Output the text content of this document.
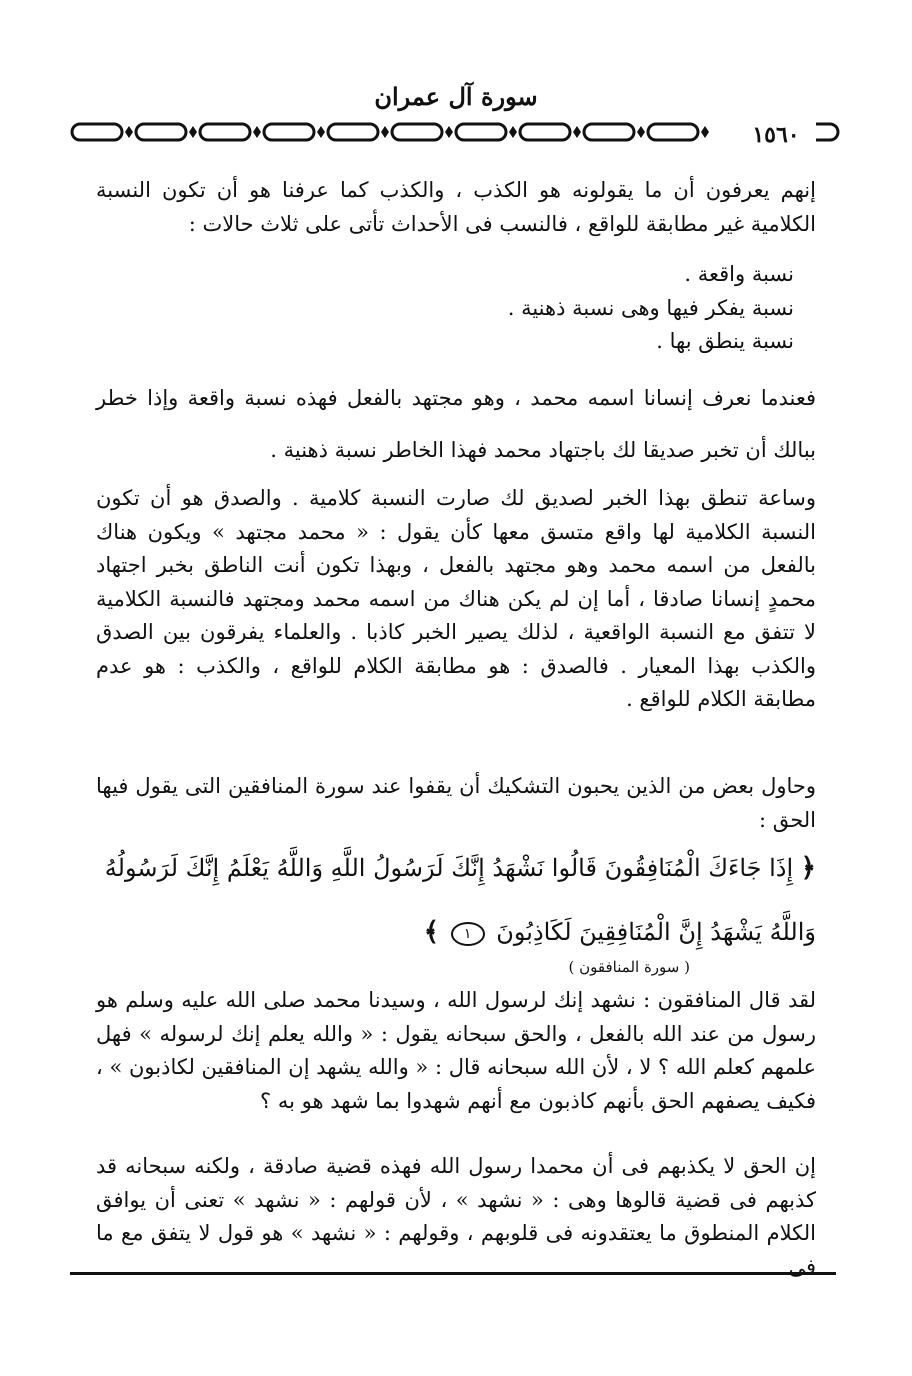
سورة آل عمران
١٥٦٠

إنهم يعرفون أن ما يقولونه هو الكذب ، والكذب كما عرفنا هو أن تكون النسبة الكلامية غير مطابقة للواقع ، فالنسب فى الأحداث تأتى على ثلاث حالات :

نسبة واقعة .

نسبة يفكر فيها وهى نسبة ذهنية .

نسبة ينطق بها .

فعندما نعرف إنسانا اسمه محمد ، وهو مجتهد بالفعل فهذه نسبة واقعة وإذا خطر ببالك أن تخبر صديقا لك باجتهاد محمد فهذا الخاطر نسبة ذهنية .

وساعة تنطق بهذا الخبر لصديق لك صارت النسبة كلامية . والصدق هو أن تكون النسبة الكلامية لها واقع متسق معها كأن يقول : « محمد مجتهد » ويكون هناك بالفعل من اسمه محمد وهو مجتهد بالفعل ، وبهذا تكون أنت الناطق بخبر اجتهاد محمدٍ إنسانا صادقا ، أما إن لم يكن هناك من اسمه محمد ومجتهد فالنسبة الكلامية لا تتفق مع النسبة الواقعية ، لذلك يصير الخبر كاذبا . والعلماء يفرقون بين الصدق والكذب بهذا المعيار . فالصدق : هو مطابقة الكلام للواقع ، والكذب : هو عدم مطابقة الكلام للواقع .

وحاول بعض من الذين يحبون التشكيك أن يقفوا عند سورة المنافقين التى يقول فيها الحق :

﴿ إِذَا جَاءَكَ الْمُنَافِقُونَ قَالُوا نَشْهَدُ إِنَّكَ لَرَسُولُ اللَّهِ وَاللَّهُ يَعْلَمُ إِنَّكَ لَرَسُولُهُ وَاللَّهُ يَشْهَدُ إِنَّ الْمُنَافِقِينَ لَكَاذِبُونَ ١ ﴾
( سورة المنافقون )

لقد قال المنافقون : نشهد إنك لرسول الله ، وسيدنا محمد صلى الله عليه وسلم هو رسول من عند الله بالفعل ، والحق سبحانه يقول : « والله يعلم إنك لرسوله » فهل علمهم كعلم الله ؟ لا ، لأن الله سبحانه قال : « والله يشهد إن المنافقين لكاذبون » ، فكيف يصفهم الحق بأنهم كاذبون مع أنهم شهدوا بما شهد هو به ؟

إن الحق لا يكذبهم فى أن محمدا رسول الله فهذه قضية صادقة ، ولكنه سبحانه قد كذبهم فى قضية قالوها وهى : « نشهد » ، لأن قولهم : « نشهد » تعنى أن يوافق الكلام المنطوق ما يعتقدونه فى قلوبهم ، وقولهم : « نشهد » هو قول لا يتفق مع ما فى
